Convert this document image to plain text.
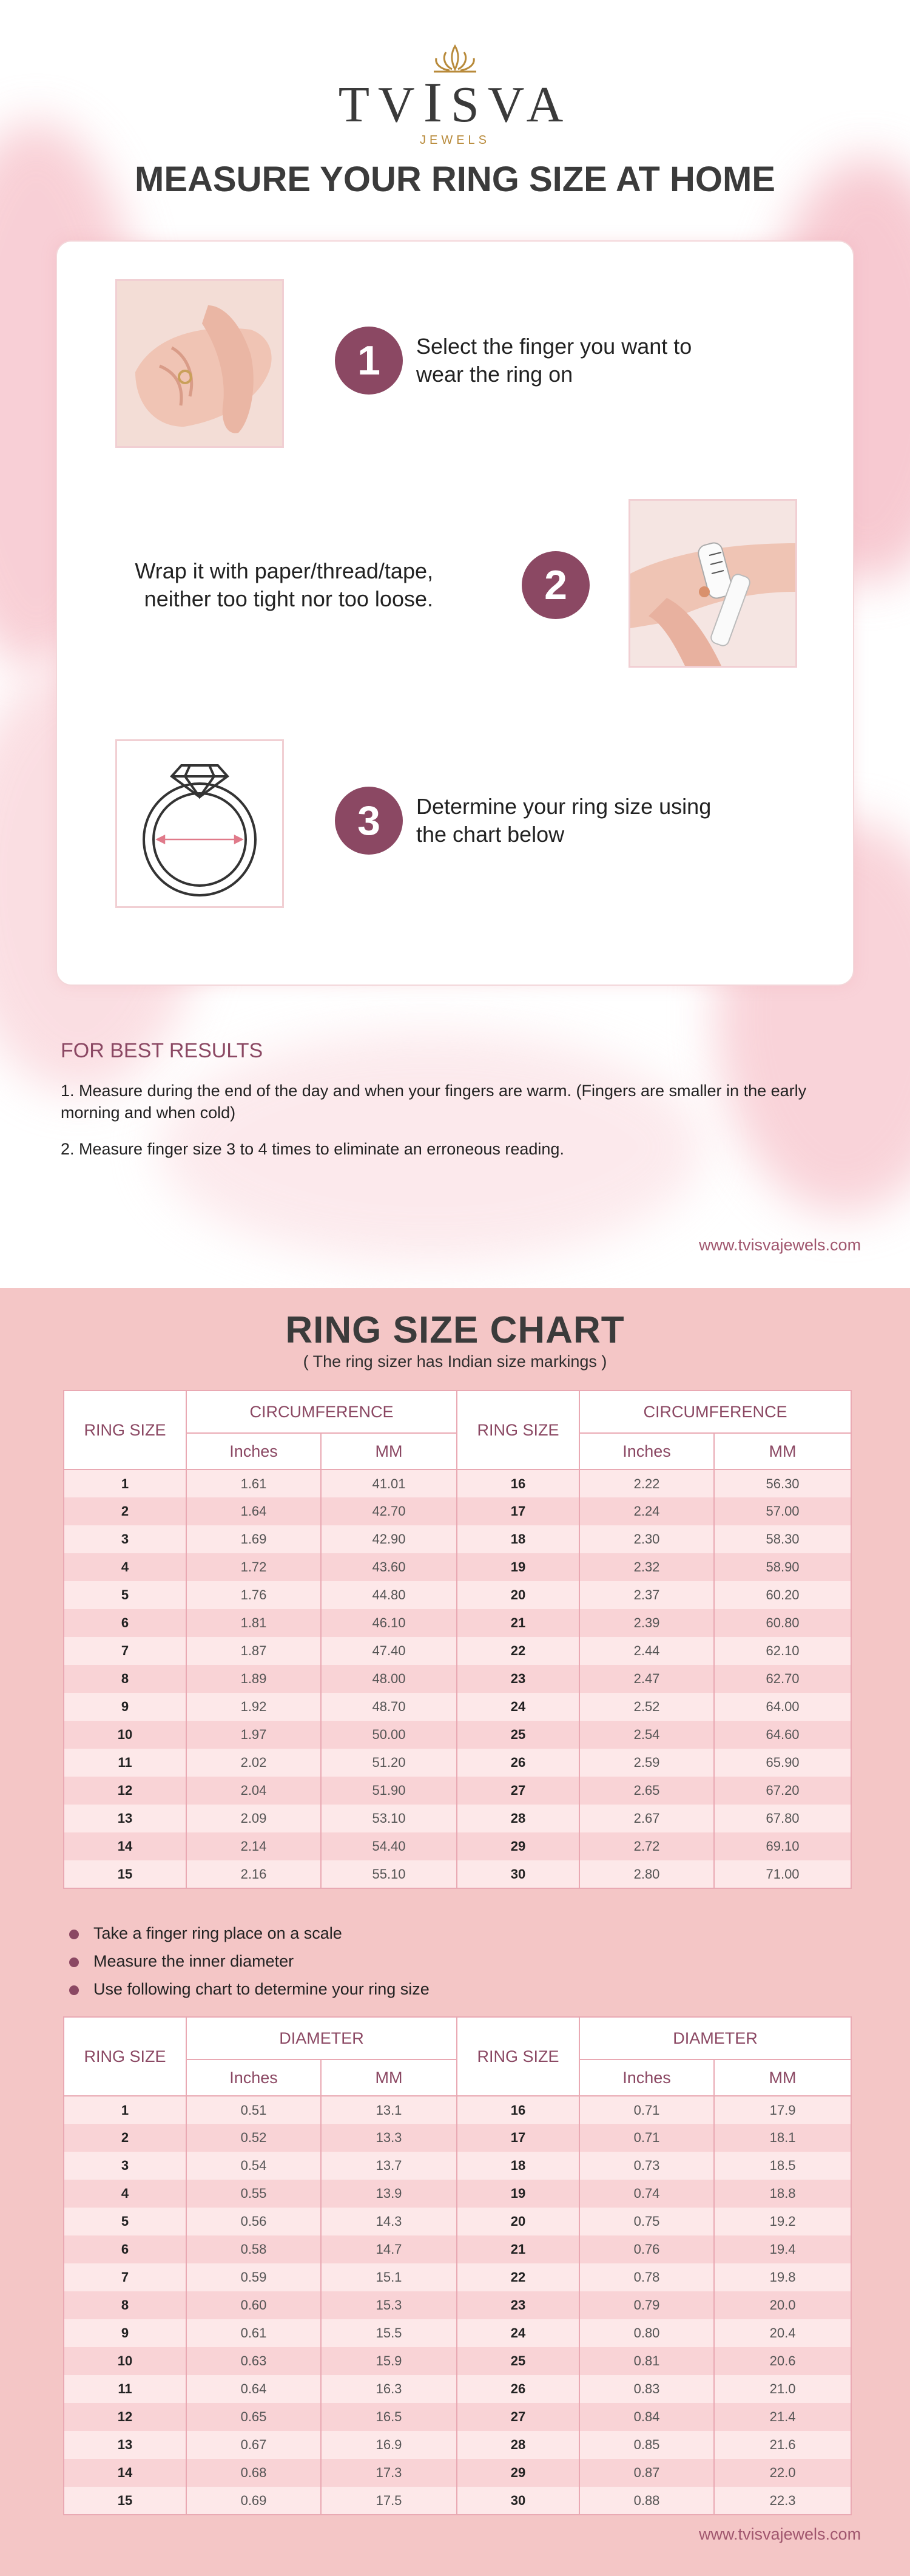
TVISVA
JEWELS
MEASURE YOUR RING SIZE AT HOME
1	Select the finger you want to
wear the ring on
Wrap it with paper/thread/tape,
neither too tight nor too loose.	2
3	Determine your ring size using
the chart below
FOR BEST RESULTS

1. Measure during the end of the day and when your fingers are warm. (Fingers are smaller in the early morning and when cold)

2. Measure finger size 3 to 4 times to eliminate an erroneous reading.

www.tvisvajewels.com
RING SIZE CHART
( The ring sizer has Indian size markings )
RING SIZE	CIRCUMFERENCE		RING SIZE	CIRCUMFERENCE	
	Inches	MM		Inches	MM
1	1.61	41.01	16	2.22	56.30
2	1.64	42.70	17	2.24	57.00
3	1.69	42.90	18	2.30	58.30
4	1.72	43.60	19	2.32	58.90
5	1.76	44.80	20	2.37	60.20
6	1.81	46.10	21	2.39	60.80
7	1.87	47.40	22	2.44	62.10
8	1.89	48.00	23	2.47	62.70
9	1.92	48.70	24	2.52	64.00
10	1.97	50.00	25	2.54	64.60
11	2.02	51.20	26	2.59	65.90
12	2.04	51.90	27	2.65	67.20
13	2.09	53.10	28	2.67	67.80
14	2.14	54.40	29	2.72	69.10
15	2.16	55.10	30	2.80	71.00
Take a finger ring place on a scale
Measure the inner diameter
Use following chart to determine your ring size
RING SIZE	DIAMETER		RING SIZE	DIAMETER	
	Inches	MM		Inches	MM
1	0.51	13.1	16	0.71	17.9
2	0.52	13.3	17	0.71	18.1
3	0.54	13.7	18	0.73	18.5
4	0.55	13.9	19	0.74	18.8
5	0.56	14.3	20	0.75	19.2
6	0.58	14.7	21	0.76	19.4
7	0.59	15.1	22	0.78	19.8
8	0.60	15.3	23	0.79	20.0
9	0.61	15.5	24	0.80	20.4
10	0.63	15.9	25	0.81	20.6
11	0.64	16.3	26	0.83	21.0
12	0.65	16.5	27	0.84	21.4
13	0.67	16.9	28	0.85	21.6
14	0.68	17.3	29	0.87	22.0
15	0.69	17.5	30	0.88	22.3
www.tvisvajewels.com
